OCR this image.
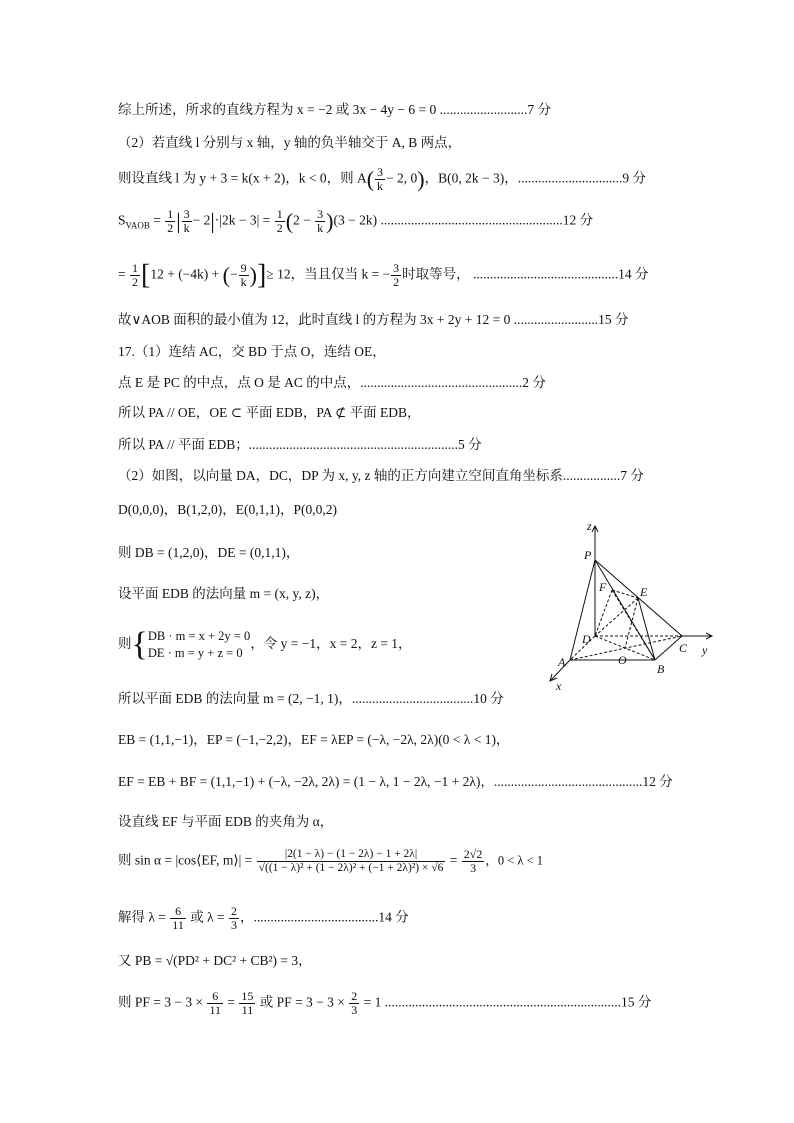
综上所述，所求的直线方程为 x = −2 或 3x − 4y − 6 = 0 ..........................7 分
（2）若直线 l 分别与 x 轴，y 轴的负半轴交于 A, B 两点，
则设直线 l 为 y + 3 = k(x + 2)，k < 0，则 $A( \frac{3}{k} - 2$, 0)，B(0, 2k − 3)，...............................9 分
$S_{VAOB} = \frac{1}{2}$ | $\frac{3}{k} - 2|\cdot|2k - 3| = \frac{1}{2} (2 - \frac{3}{k} )(3 - 2k)$ ......................................................12 分
= $\frac{1}{2} [12 + (-4k)$ + (− $\frac{9}{k}$ )]≥ 12，当且仅当 k = − $\frac{3}{2}$ 时取等号， ...........................................14 分
故∨AOB 面积的最小值为 12，此时直线 l 的方程为 3x + 2y + 12 = 0 .........................15 分
17.（1）连结 AC，交 BD 于点 O，连结 OE，
点 E 是 PC 的中点，点 O 是 AC 的中点，................................................2 分
所以 PA // OE，OE ⊂ 平面 EDB，PA ⊄ 平面 EDB，
所以 PA // 平面 EDB；..............................................................5 分
（2）如图，以向量 DA，DC，DP 为 x, y, z 轴的正方向建立空间直角坐标系.................7 分
D(0,0,0)，B(1,2,0)，E(0,1,1)，P(0,0,2)
则 DB = (1,2,0)，DE = (0,1,1)，
设平面 EDB 的法向量 m = (x, y, z)，
则{ DB · m = x + 2y = 0
DE · m = y + z = 0
，令 y = −1，x = 2，z = 1，
所以平面 EDB 的法向量 m = (2, −1, 1)，....................................10 分
EB = (1,1,−1)，EP = (−1,−2,2)，EF = λEP = (−λ, −2λ, 2λ)(0 < λ < 1)，
EF = EB + BF = (1,1,−1) + (−λ, −2λ, 2λ) = (1 − λ, 1 − 2λ, −1 + 2λ)，............................................12 分
设直线 EF 与平面 EDB 的夹角为 α，
则 sin α = |cos⟨EF, m⟩| = $\frac{|2(1 - \lambda) - (1 - 2\lambda) - 1 + 2\lambda|}{\text{√((1 − λ)² + (1 − 2λ)² + (−1 + 2λ)²) × √6}} = \frac{2√2}{3}$ ，0 < λ < 1
解得 $\lambda = \frac{6}{11}$ 或 $\lambda = \frac{2}{3}$ ，.....................................14 分
又 PB = √(PD² + DC² + CB²) = 3，
则 PF = $3 - 3 \times \frac{6}{11} = \frac{15}{11}$ 或 PF = $3 - 3 \times \frac{2}{3} = 1$ ......................................................................15 分
z
P
F	E
D
O
C y
A	B
x
